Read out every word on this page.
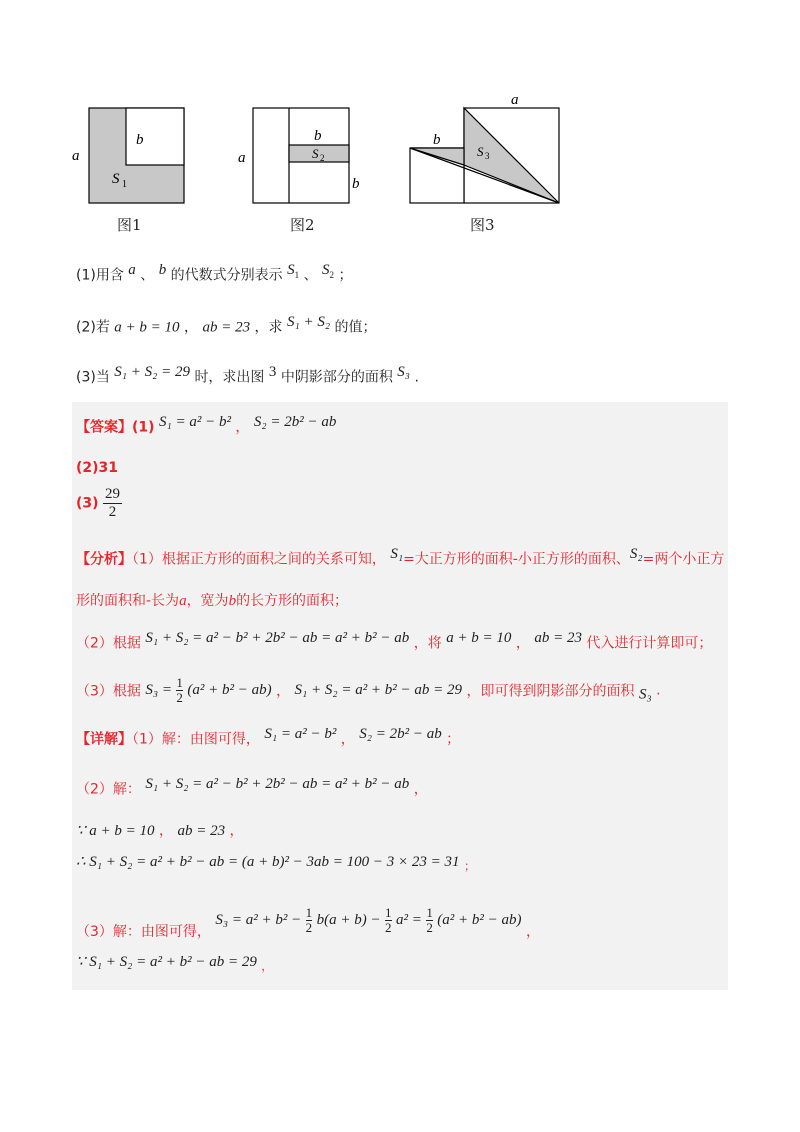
a
b
S 1
图1
a
b
S 2
b
图2
a
b
S 3
图3
(1)用含 $^a$ 、 $^b$ 的代数式分别表示 $^{S_1}$ 、 $^{S_2}$ ；
(2)若 a + b = 10 ， ab = 23 ，求 $^{S_1 + S_2}$ 的值；
(3)当 $^{S_1 + S_2 = 29}$ 时，求出图 $^3$ 中阴影部分的面积 $^{S_3}$ .
【答案】(1) $^{S_1 = a^2 - b^2}$ ， $^{S_2 = 2b^2 - ab}$
(2)31
$(3) \frac{29}{2}$
【分析】（1）根据正方形的面积之间的关系可知， $^{S_1}$=大正方形的面积-小正方形的面积、$^{S_2}$=两个小正方
形的面积和-长为a，宽为b的长方形的面积；
（2）根据 $^{S_1 + S_2 = a^2 - b^2 + 2b^2 - ab = a^2 + b^2 - ab}$ ，将 $^{a + b = 10}$ ， $^{ab = 23}$ 代入进行计算即可；
（3）根据 $S_3 = \frac{1}{2} (a^2 + b^2 - ab)$ ， S₁ + S₂ = a² + b² − ab = 29 ，即可得到阴影部分的面积 $_{S_3}$ .
【详解】（1）解：由图可得， $^{S_1 = a^2 - b^2}$ ， $^{S_2 = 2b^2 - ab}$ ；
（2）解： $^{S_1 + S_2 = a^2 - b^2 + 2b^2 - ab = a^2 + b^2 - ab}$ ，
∵ a + b = 10 ， ab = 23 ，
∴ S₁ + S₂ = a² + b² − ab = (a + b)² − 3ab = 100 − 3 × 23 = 31 $_;$
（3）解：由图可得， $S_3 = a^2 + b^2 - \frac{1}{2} b(a + b) - \frac{1}{2} a^2 = \frac{1}{2} (a^2 + b^2 - ab)$ ，
∵ S₁ + S₂ = a² + b² − ab = 29 $_,$
